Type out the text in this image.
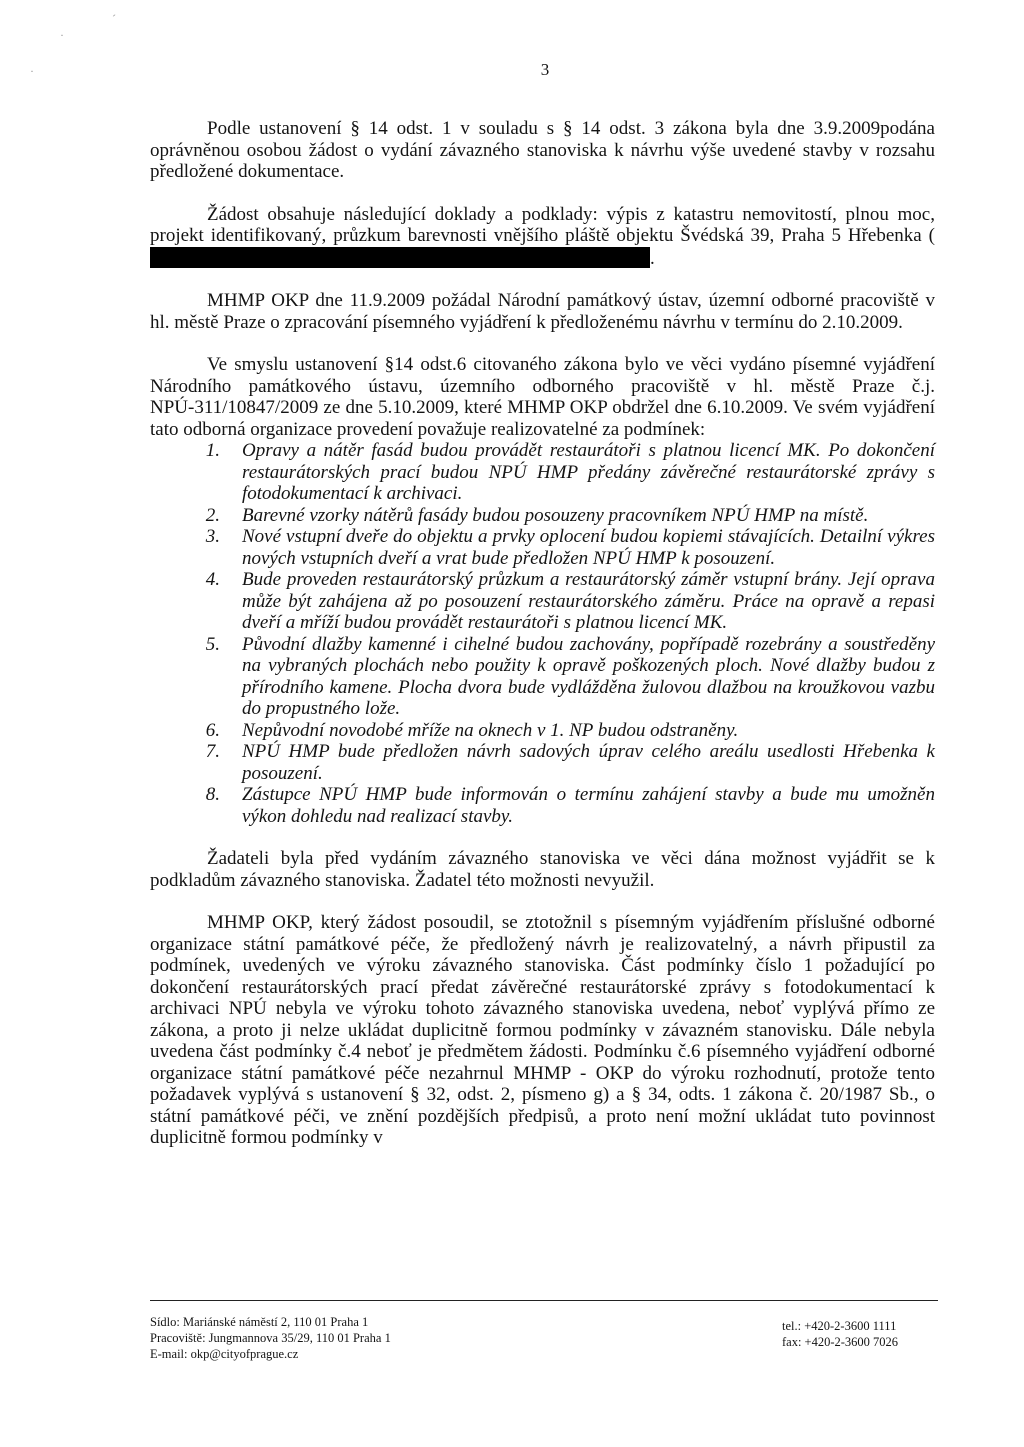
·
ˊ
·	3

Podle ustanovení § 14 odst. 1 v souladu s § 14 odst. 3 zákona byla dne 3.9.2009podána oprávněnou osobou žádost o vydání závazného stanoviska k návrhu výše uvedené stavby v rozsahu předložené dokumentace.

Žádost obsahuje následující doklady a podklady: výpis z katastru nemovitostí, plnou moc, projekt identifikovaný, průzkum barevnosti vnějšího pláště objektu Švédská 39, Praha 5 Hřebenka (.

MHMP OKP dne 11.9.2009 požádal Národní památkový ústav, územní odborné pracoviště v hl. městě Praze o zpracování písemného vyjádření k předloženému návrhu v termínu do 2.10.2009.

Ve smyslu ustanovení §14 odst.6 citovaného zákona bylo ve věci vydáno písemné vyjádření Národního památkového ústavu, územního odborného pracoviště v hl. městě Praze č.j. NPÚ-311/10847/2009 ze dne 5.10.2009, které MHMP OKP obdržel dne 6.10.2009. Ve svém vyjádření tato odborná organizace provedení považuje realizovatelné za podmínek:

1.	Opravy a nátěr fasád budou provádět restaurátoři s platnou licencí MK. Po dokončení restaurátorských prací budou NPÚ HMP předány závěrečné restaurátorské zprávy s fotodokumentací k archivaci.
2.	Barevné vzorky nátěrů fasády budou posouzeny pracovníkem NPÚ HMP na místě.
3.	Nové vstupní dveře do objektu a prvky oplocení budou kopiemi stávajících. Detailní výkres nových vstupních dveří a vrat bude předložen NPÚ HMP k posouzení.
4.	Bude proveden restaurátorský průzkum a restaurátorský záměr vstupní brány. Její oprava může být zahájena až po posouzení restaurátorského záměru. Práce na opravě a repasi dveří a mříží budou provádět restaurátoři s platnou licencí MK.
5.	Původní dlažby kamenné i cihelné budou zachovány, popřípadě rozebrány a soustředěny na vybraných plochách nebo použity k opravě poškozených ploch. Nové dlažby budou z přírodního kamene. Plocha dvora bude vydlážděna žulovou dlažbou na kroužkovou vazbu do propustného lože.
6.	Nepůvodní novodobé mříže na oknech v 1. NP budou odstraněny.
7.	NPÚ HMP bude předložen návrh sadových úprav celého areálu usedlosti Hřebenka k posouzení.
8.	Zástupce NPÚ HMP bude informován o termínu zahájení stavby a bude mu umožněn výkon dohledu nad realizací stavby.

Žadateli byla před vydáním závazného stanoviska ve věci dána možnost vyjádřit se k podkladům závazného stanoviska. Žadatel této možnosti nevyužil.

MHMP OKP, který žádost posoudil, se ztotožnil s písemným vyjádřením příslušné odborné organizace státní památkové péče, že předložený návrh je realizovatelný, a návrh připustil za podmínek, uvedených ve výroku závazného stanoviska. Část podmínky číslo 1 požadující po dokončení restaurátorských prací předat závěrečné restaurátorské zprávy s fotodokumentací k archivaci NPÚ nebyla ve výroku tohoto závazného stanoviska uvedena, neboť vyplývá přímo ze zákona, a proto ji nelze ukládat duplicitně formou podmínky v závazném stanovisku. Dále nebyla uvedena část podmínky č.4 neboť je předmětem žádosti. Podmínku č.6 písemného vyjádření odborné organizace státní památkové péče nezahrnul MHMP - OKP do výroku rozhodnutí, protože tento požadavek vyplývá s ustanovení § 32, odst. 2, písmeno g) a § 34, odts. 1 zákona č. 20/1987 Sb., o státní památkové péči, ve znění pozdějších předpisů, a proto není možní ukládat tuto povinnost duplicitně formou podmínky v

Sídlo: Mariánské náměstí 2, 110 01 Praha 1
Pracoviště: Jungmannova 35/29, 110 01 Praha 1
E-mail: okp@cityofprague.cz
tel.: +420-2-3600 1111
fax: +420-2-3600 7026
